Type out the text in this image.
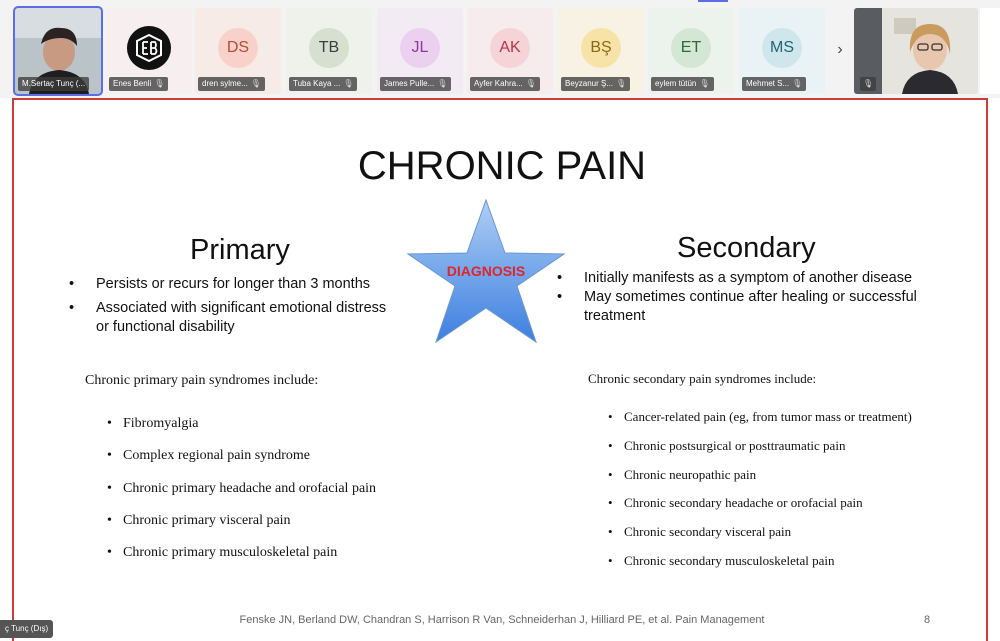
M.Sertaç Tunç (...	Enes Benli 🎙
DS
dren sylme... 🎙
TB
Tuba Kaya ... 🎙
JL
James Pulle... 🎙
AK
Ayfer Kahra... 🎙
BŞ
Beyzanur Ş... 🎙
ET
eylem tütün 🎙
MS
Mehmet S... 🎙
›
🎙
CHRONIC PAIN
DIAGNOSIS
Primary
• Persists or recurs for longer than 3 months
• Associated with significant emotional distress or functional disability
Chronic primary pain syndromes include:
• Fibromyalgia
• Complex regional pain syndrome
• Chronic primary headache and orofacial pain
• Chronic primary visceral pain
• Chronic primary musculoskeletal pain
Secondary
• Initially manifests as a symptom of another disease
• May sometimes continue after healing or successful treatment
Chronic secondary pain syndromes include:
• Cancer-related pain (eg, from tumor mass or treatment)
• Chronic postsurgical or posttraumatic pain
• Chronic neuropathic pain
• Chronic secondary headache or orofacial pain
• Chronic secondary visceral pain
• Chronic secondary musculoskeletal pain
Fenske JN, Berland DW, Chandran S, Harrison R Van, Schneiderhan J, Hilliard PE, et al. Pain Management	8
ç Tunç (Dış)
